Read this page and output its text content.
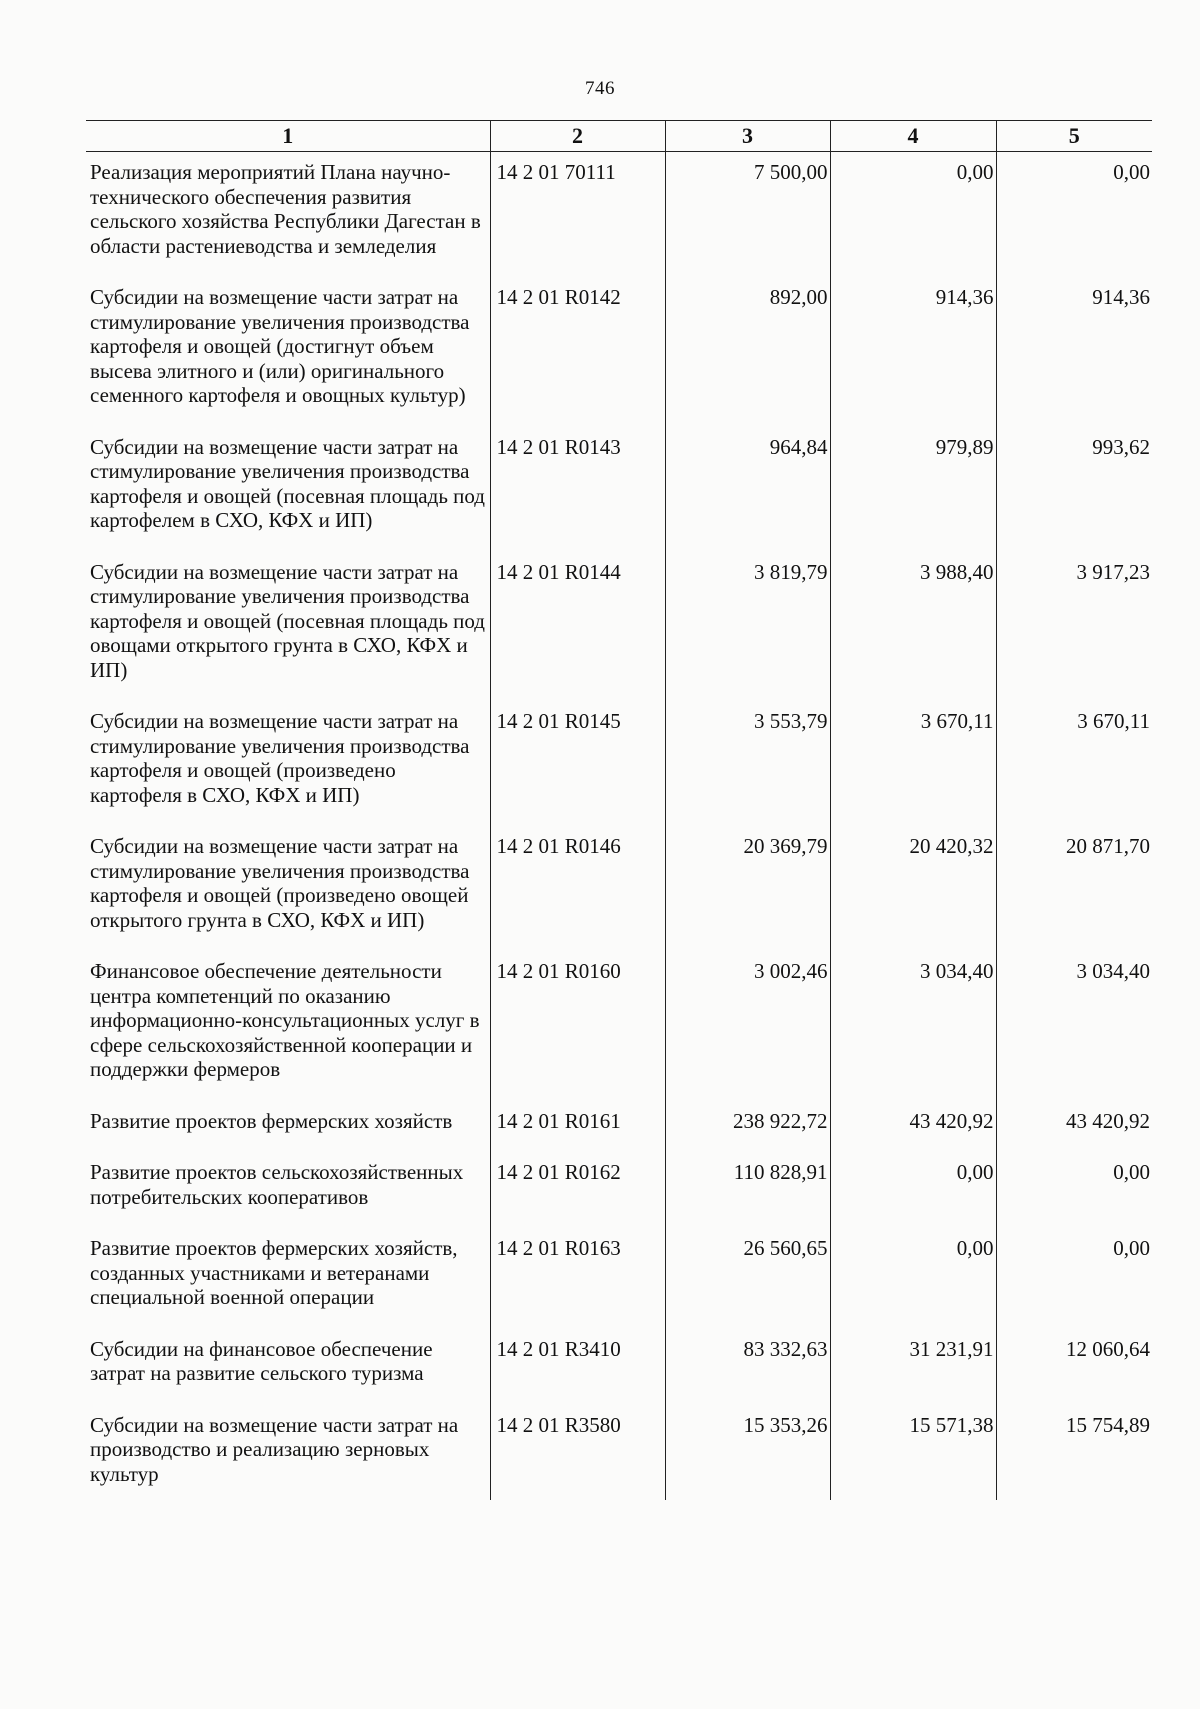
746
1	2	3	4	5
Реализация мероприятий Плана научно-технического обеспечения развития сельского хозяйства Республики Дагестан в области растениеводства и земледелия	14 2 01 70111	7 500,00	0,00	0,00
Субсидии на возмещение части затрат на стимулирование увеличения производства картофеля и овощей (достигнут объем высева элитного и (или) оригинального семенного картофеля и овощных культур)	14 2 01 R0142	892,00	914,36	914,36
Субсидии на возмещение части затрат на стимулирование увеличения производства картофеля и овощей (посевная площадь под картофелем в СХО, КФХ и ИП)	14 2 01 R0143	964,84	979,89	993,62
Субсидии на возмещение части затрат на стимулирование увеличения производства картофеля и овощей (посевная площадь под овощами открытого грунта в СХО, КФХ и ИП)	14 2 01 R0144	3 819,79	3 988,40	3 917,23
Субсидии на возмещение части затрат на стимулирование увеличения производства картофеля и овощей (произведено картофеля в СХО, КФХ и ИП)	14 2 01 R0145	3 553,79	3 670,11	3 670,11
Субсидии на возмещение части затрат на стимулирование увеличения производства картофеля и овощей (произведено овощей открытого грунта в СХО, КФХ и ИП)	14 2 01 R0146	20 369,79	20 420,32	20 871,70
Финансовое обеспечение деятельности центра компетенций по оказанию информационно-консультационных услуг в сфере сельскохозяйственной кооперации и поддержки фермеров	14 2 01 R0160	3 002,46	3 034,40	3 034,40
Развитие проектов фермерских хозяйств	14 2 01 R0161	238 922,72	43 420,92	43 420,92
Развитие проектов сельскохозяйственных потребительских кооперативов	14 2 01 R0162	110 828,91	0,00	0,00
Развитие проектов фермерских хозяйств, созданных участниками и ветеранами специальной военной операции	14 2 01 R0163	26 560,65	0,00	0,00
Субсидии на финансовое обеспечение затрат на развитие сельского туризма	14 2 01 R3410	83 332,63	31 231,91	12 060,64
Субсидии на возмещение части затрат на производство и реализацию зерновых культур	14 2 01 R3580	15 353,26	15 571,38	15 754,89
